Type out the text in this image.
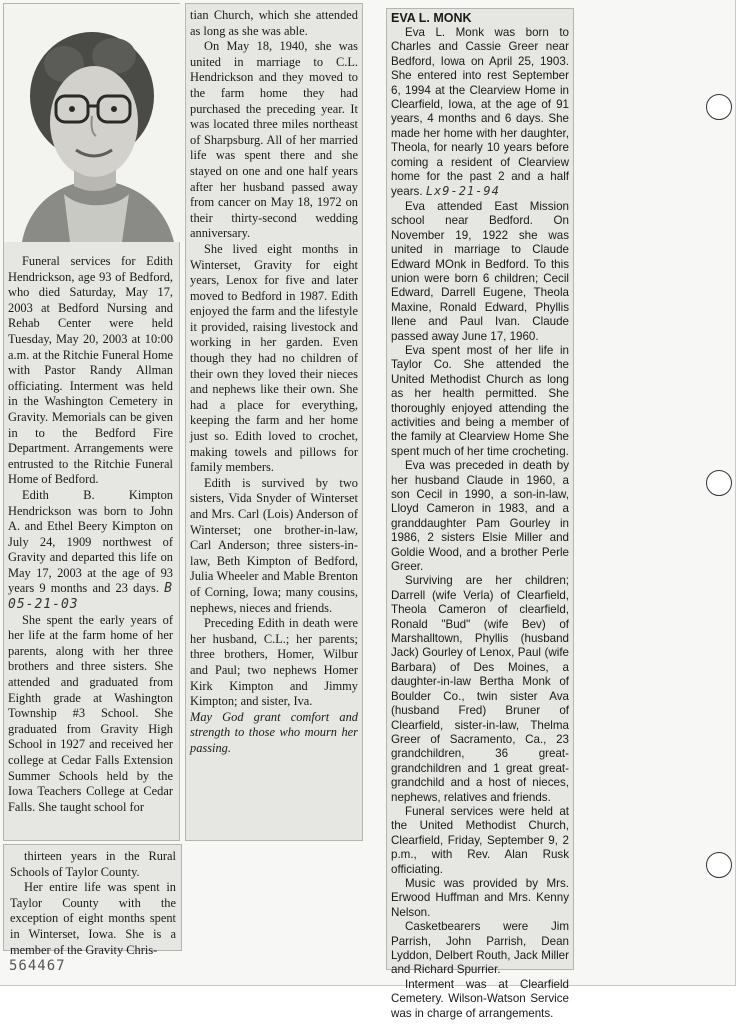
Funeral services for Edith Hendrickson, age 93 of Bedford, who died Saturday, May 17, 2003 at Bedford Nursing and Rehab Center were held Tuesday, May 20, 2003 at 10:00 a.m. at the Ritchie Funeral Home with Pastor Randy Allman officiating. Interment was held in the Washington Cemetery in Gravity. Memorials can be given in to the Bedford Fire Department. Arrangements were entrusted to the Ritchie Funeral Home of Bedford.

Edith B. Kimpton Hendrickson was born to John A. and Ethel Beery Kimpton on July 24, 1909 northwest of Gravity and departed this life on May 17, 2003 at the age of 93 years 9 months and 23 days. B 05-21-03

She spent the early years of her life at the farm home of her parents, along with her three brothers and three sisters. She attended and graduated from Eighth grade at Washington Township #3 School. She graduated from Gravity High School in 1927 and received her college at Cedar Falls Extension Summer Schools held by the Iowa Teachers College at Cedar Falls. She taught school for

thirteen years in the Rural Schools of Taylor County.

Her entire life was spent in Taylor County with the exception of eight months spent in Winterset, Iowa. She is a member of the Gravity Chris-

tian Church, which she attended as long as she was able.

On May 18, 1940, she was united in marriage to C.L. Hendrickson and they moved to the farm home they had purchased the preceding year. It was located three miles northeast of Sharpsburg. All of her married life was spent there and she stayed on one and one half years after her husband passed away from cancer on May 18, 1972 on their thirty-second wedding anniversary.

She lived eight months in Winterset, Gravity for eight years, Lenox for five and later moved to Bedford in 1987. Edith enjoyed the farm and the lifestyle it provided, raising livestock and working in her garden. Even though they had no children of their own they loved their nieces and nephews like their own. She had a place for everything, keeping the farm and her home just so. Edith loved to crochet, making towels and pillows for family members.

Edith is survived by two sisters, Vida Snyder of Winterset and Mrs. Carl (Lois) Anderson of Winterset; one brother-in-law, Carl Anderson; three sisters-in-law, Beth Kimpton of Bedford, Julia Wheeler and Mable Brenton of Corning, Iowa; many cousins, nephews, nieces and friends.

Preceding Edith in death were her husband, C.L.; her parents; three brothers, Homer, Wilbur and Paul; two nephews Homer Kirk Kimpton and Jimmy Kimpton; and sister, Iva.

May God grant comfort and strength to those who mourn her passing.

EVA L. MONK

Eva L. Monk was born to Charles and Cassie Greer near Bedford, Iowa on April 25, 1903. She entered into rest September 6, 1994 at the Clearview Home in Clearfield, Iowa, at the age of 91 years, 4 months and 6 days. She made her home with her daughter, Theola, for nearly 10 years before coming a resident of Clearview home for the past 2 and a half years. Lx9-21-94

Eva attended East Mission school near Bedford. On November 19, 1922 she was united in marriage to Claude Edward MOnk in Bedford. To this union were born 6 children; Cecil Edward, Darrell Eugene, Theola Maxine, Ronald Edward, Phyllis Ilene and Paul Ivan. Claude passed away June 17, 1960.

Eva spent most of her life in Taylor Co. She attended the United Methodist Church as long as her health permitted. She thoroughly enjoyed attending the activities and being a member of the family at Clearview Home She spent much of her time crocheting.

Eva was preceded in death by her husband Claude in 1960, a son Cecil in 1990, a son-in-law, Lloyd Cameron in 1983, and a granddaughter Pam Gourley in 1986, 2 sisters Elsie Miller and Goldie Wood, and a brother Perle Greer.

Surviving are her children; Darrell (wife Verla) of Clearfield, Theola Cameron of clearfield, Ronald "Bud" (wife Bev) of Marshalltown, Phyllis (husband Jack) Gourley of Lenox, Paul (wife Barbara) of Des Moines, a daughter-in-law Bertha Monk of Boulder Co., twin sister Ava (husband Fred) Bruner of Clearfield, sister-in-law, Thelma Greer of Sacramento, Ca., 23 grandchildren, 36 great-grandchildren and 1 great great-grandchild and a host of nieces, nephews, relatives and friends.

Funeral services were held at the United Methodist Church, Clearfield, Friday, September 9, 2 p.m., with Rev. Alan Rusk officiating.

Music was provided by Mrs. Erwood Huffman and Mrs. Kenny Nelson.

Casketbearers were Jim Parrish, John Parrish, Dean Lyddon, Delbert Routh, Jack Miller and Richard Spurrier.

Interment was at Clearfield Cemetery. Wilson-Watson Service was in charge of arrangements.

564467
